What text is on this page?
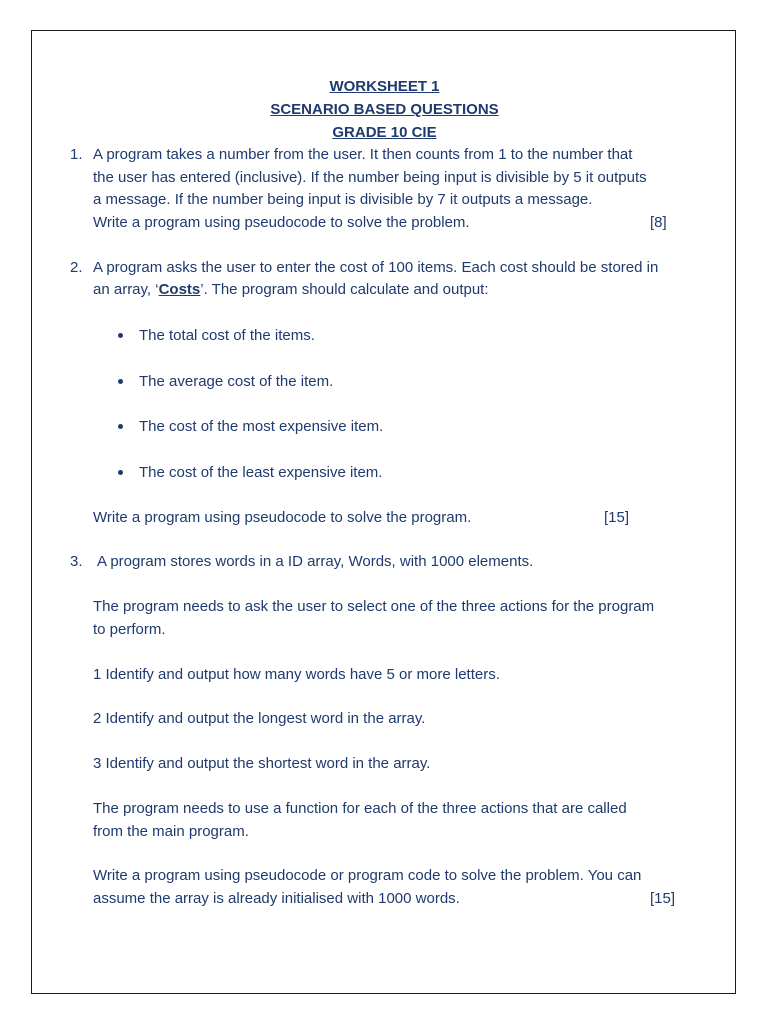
WORKSHEET 1
SCENARIO BASED QUESTIONS
GRADE 10 CIE
1. A program takes a number from the user. It then counts from 1 to the number that
the user has entered (inclusive). If the number being input is divisible by 5 it outputs
a message. If the number being input is divisible by 7 it outputs a message.
Write a program using pseudocode to solve the problem.	[8]
2. A program asks the user to enter the cost of 100 items. Each cost should be stored in
an array, ‘Costs’. The program should calculate and output:
The total cost of the items.
The average cost of the item.
The cost of the most expensive item.
The cost of the least expensive item.
Write a program using pseudocode to solve the program.	[15]
3. A program stores words in a ID array, Words, with 1000 elements.
The program needs to ask the user to select one of the three actions for the program
to perform.
1 Identify and output how many words have 5 or more letters.
2 Identify and output the longest word in the array.
3 Identify and output the shortest word in the array.
The program needs to use a function for each of the three actions that are called
from the main program.
Write a program using pseudocode or program code to solve the problem. You can
assume the array is already initialised with 1000 words.	[15]
